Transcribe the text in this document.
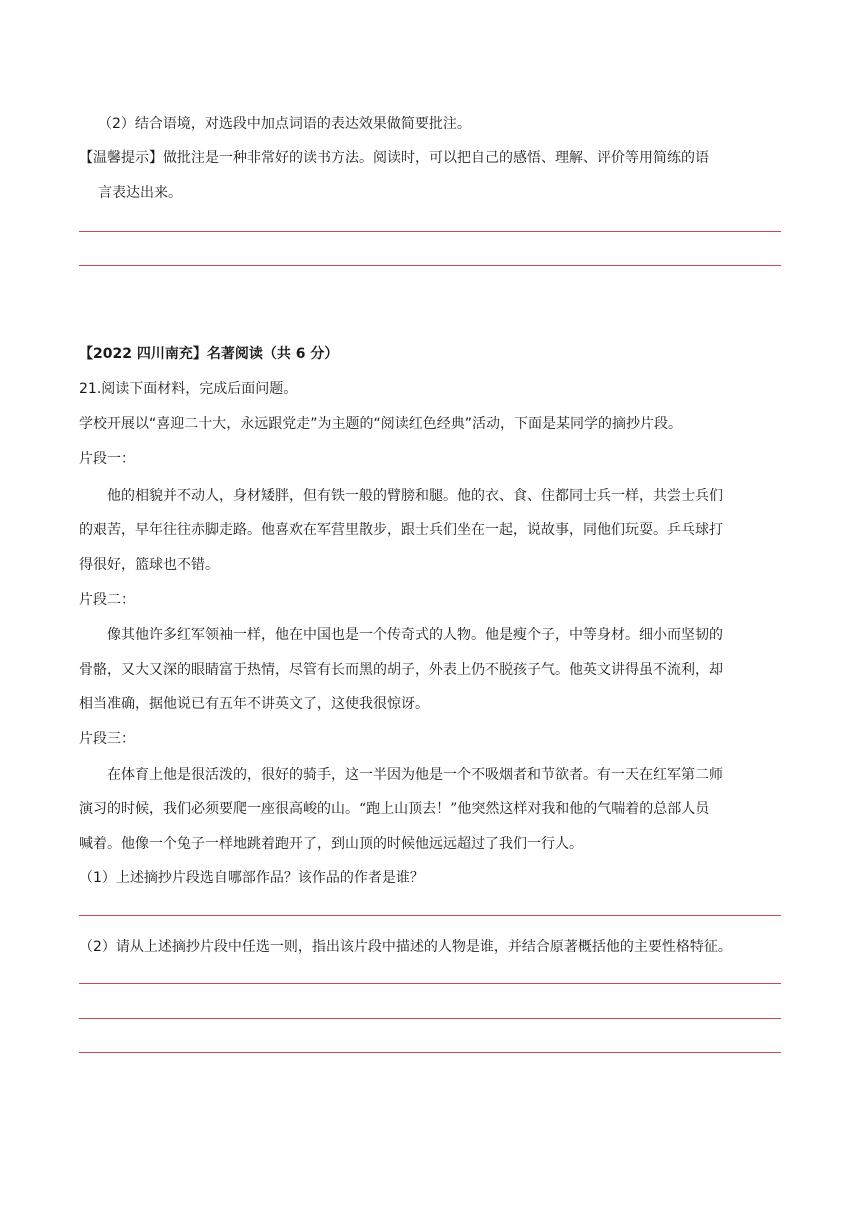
（2）结合语境，对选段中加点词语的表达效果做简要批注。
【温馨提示】做批注是一种非常好的读书方法。阅读时，可以把自己的感悟、理解、评价等用简练的语
言表达出来。
【2022 四川南充】名著阅读（共 6 分）
21.阅读下面材料，完成后面问题。
学校开展以“喜迎二十大，永远跟党走”为主题的“阅读红色经典”活动，下面是某同学的摘抄片段。
片段一：
他的相貌并不动人，身材矮胖，但有铁一般的臂膀和腿。他的衣、食、住都同士兵一样，共尝士兵们
的艰苦，早年往往赤脚走路。他喜欢在军营里散步，跟士兵们坐在一起，说故事，同他们玩耍。乒乓球打
得很好，篮球也不错。
片段二：
像其他许多红军领袖一样，他在中国也是一个传奇式的人物。他是瘦个子，中等身材。细小而坚韧的
骨骼，又大又深的眼睛富于热情，尽管有长而黑的胡子，外表上仍不脱孩子气。他英文讲得虽不流利，却
相当准确，据他说已有五年不讲英文了，这使我很惊讶。
片段三：
在体育上他是很活泼的，很好的骑手，这一半因为他是一个不吸烟者和节欲者。有一天在红军第二师
演习的时候，我们必须要爬一座很高峻的山。“跑上山顶去！”他突然这样对我和他的气喘着的总部人员
喊着。他像一个兔子一样地跳着跑开了，到山顶的时候他远远超过了我们一行人。
（1）上述摘抄片段选自哪部作品？该作品的作者是谁？
（2）请从上述摘抄片段中任选一则，指出该片段中描述的人物是谁，并结合原著概括他的主要性格特征。
